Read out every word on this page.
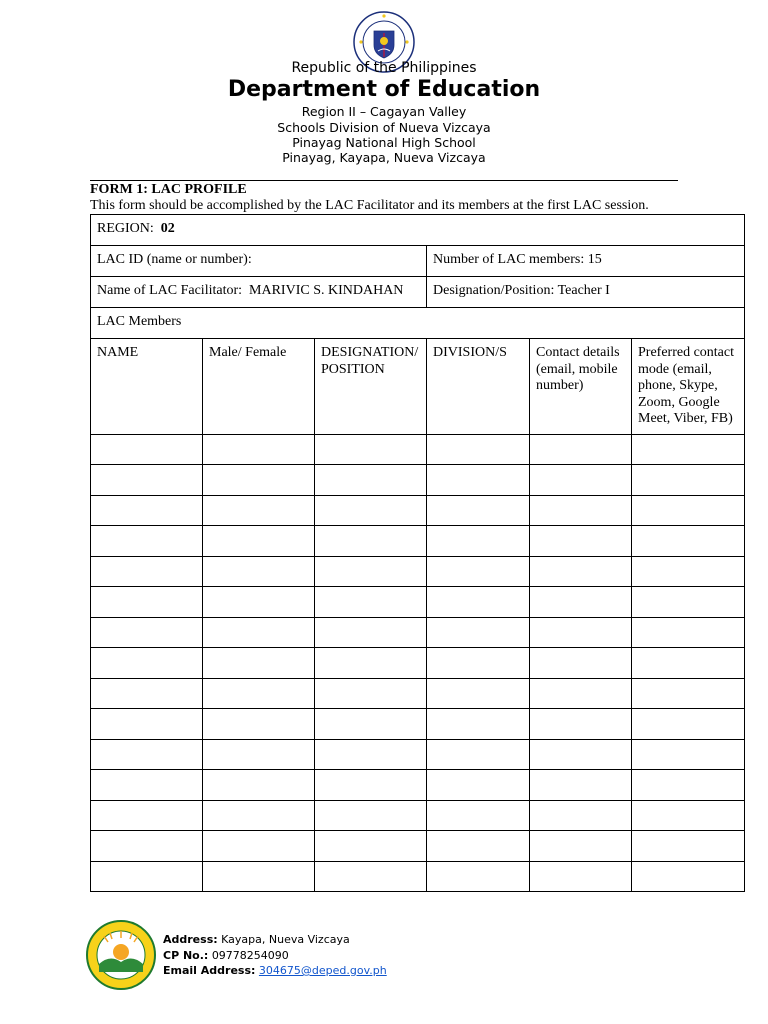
Republic of the Philippines
Department of Education
Region II – Cagayan Valley
Schools Division of Nueva Vizcaya
Pinayag National High School
Pinayag, Kayapa, Nueva Vizcaya
FORM 1: LAC PROFILE
This form should be accomplished by the LAC Facilitator and its members at the first LAC session.
REGION: 02					
LAC ID (name or number):			Number of LAC members: 15		
Name of LAC Facilitator: MARIVIC S. KINDAHAN			Designation/Position: Teacher I		
LAC Members					
NAME	Male/ Female	DESIGNATION/ POSITION	DIVISION/S	Contact details (email, mobile number)	Preferred contact mode (email, phone, Skype, Zoom, Google Meet, Viber, FB)

Address: Kayapa, Nueva Vizcaya
CP No.: 09778254090
Email Address: 304675@deped.gov.ph
